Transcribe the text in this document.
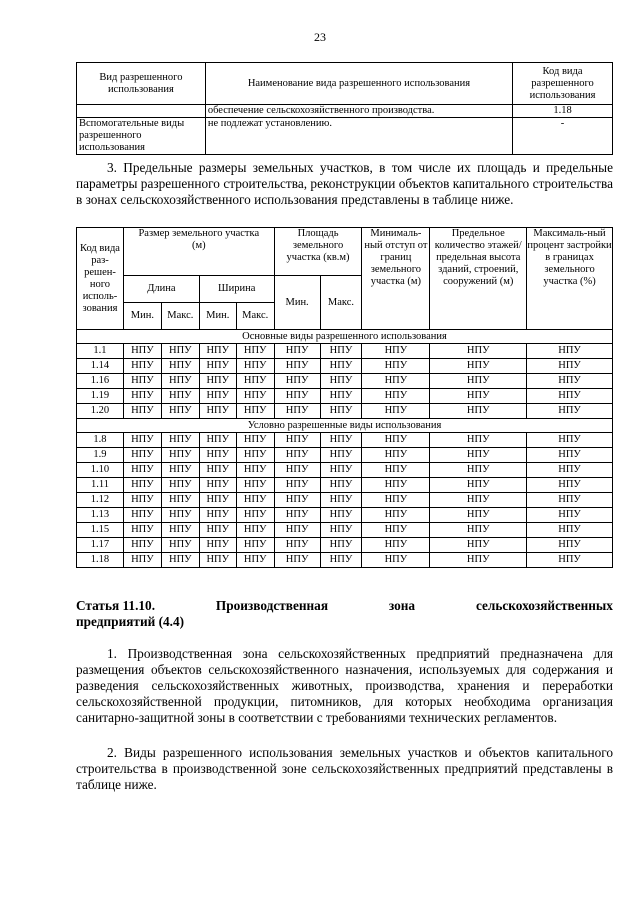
23
Вид разрешенного использования	Наименование вида разрешенного использования	Код вида разрешенного использования
	обеспечение сельскохозяйственного производства.	1.18
Вспомогательные виды разрешенного использования	не подлежат установлению.	-

3. Предельные размеры земельных участков, в том числе их площадь и предельные параметры разрешенного строительства, реконструкции объектов капитального строительства в зонах сельскохозяйственного использования представлены в таблице ниже.

Код вида раз-решен-ного исполь-зования	Размер земельного участка (м)				Площадь земельного участка (кв.м)		Минималь-ный отступ от границ земельного участка (м)	Предельное количество этажей/ предельная высота зданий, строений, сооружений (м)	Максималь-ный процент застройки в границах земельного участка (%)
	Длина		Ширина		Мин.	Макс.			
	Мин.	Макс.	Мин.	Макс.					
Основные виды разрешенного использования									
1.1	НПУ	НПУ	НПУ	НПУ	НПУ	НПУ	НПУ	НПУ	НПУ
1.14	НПУ	НПУ	НПУ	НПУ	НПУ	НПУ	НПУ	НПУ	НПУ
1.16	НПУ	НПУ	НПУ	НПУ	НПУ	НПУ	НПУ	НПУ	НПУ
1.19	НПУ	НПУ	НПУ	НПУ	НПУ	НПУ	НПУ	НПУ	НПУ
1.20	НПУ	НПУ	НПУ	НПУ	НПУ	НПУ	НПУ	НПУ	НПУ
Условно разрешенные виды использования									
1.8	НПУ	НПУ	НПУ	НПУ	НПУ	НПУ	НПУ	НПУ	НПУ
1.9	НПУ	НПУ	НПУ	НПУ	НПУ	НПУ	НПУ	НПУ	НПУ
1.10	НПУ	НПУ	НПУ	НПУ	НПУ	НПУ	НПУ	НПУ	НПУ
1.11	НПУ	НПУ	НПУ	НПУ	НПУ	НПУ	НПУ	НПУ	НПУ
1.12	НПУ	НПУ	НПУ	НПУ	НПУ	НПУ	НПУ	НПУ	НПУ
1.13	НПУ	НПУ	НПУ	НПУ	НПУ	НПУ	НПУ	НПУ	НПУ
1.15	НПУ	НПУ	НПУ	НПУ	НПУ	НПУ	НПУ	НПУ	НПУ
1.17	НПУ	НПУ	НПУ	НПУ	НПУ	НПУ	НПУ	НПУ	НПУ
1.18	НПУ	НПУ	НПУ	НПУ	НПУ	НПУ	НПУ	НПУ	НПУ
Статья 11.10.	Производственная	зона	сельскохозяйственных
предприятий (4.4)

1. Производственная зона сельскохозяйственных предприятий предназначена для размещения объектов сельскохозяйственного назначения, используемых для содержания и разведения сельскохозяйственных животных, производства, хранения и переработки сельскохозяйственной продукции, питомников, для которых необходима организация санитарно-защитной зоны в соответствии с требованиями технических регламентов.

2. Виды разрешенного использования земельных участков и объектов капитального строительства в производственной зоне сельскохозяйственных предприятий представлены в таблице ниже.
